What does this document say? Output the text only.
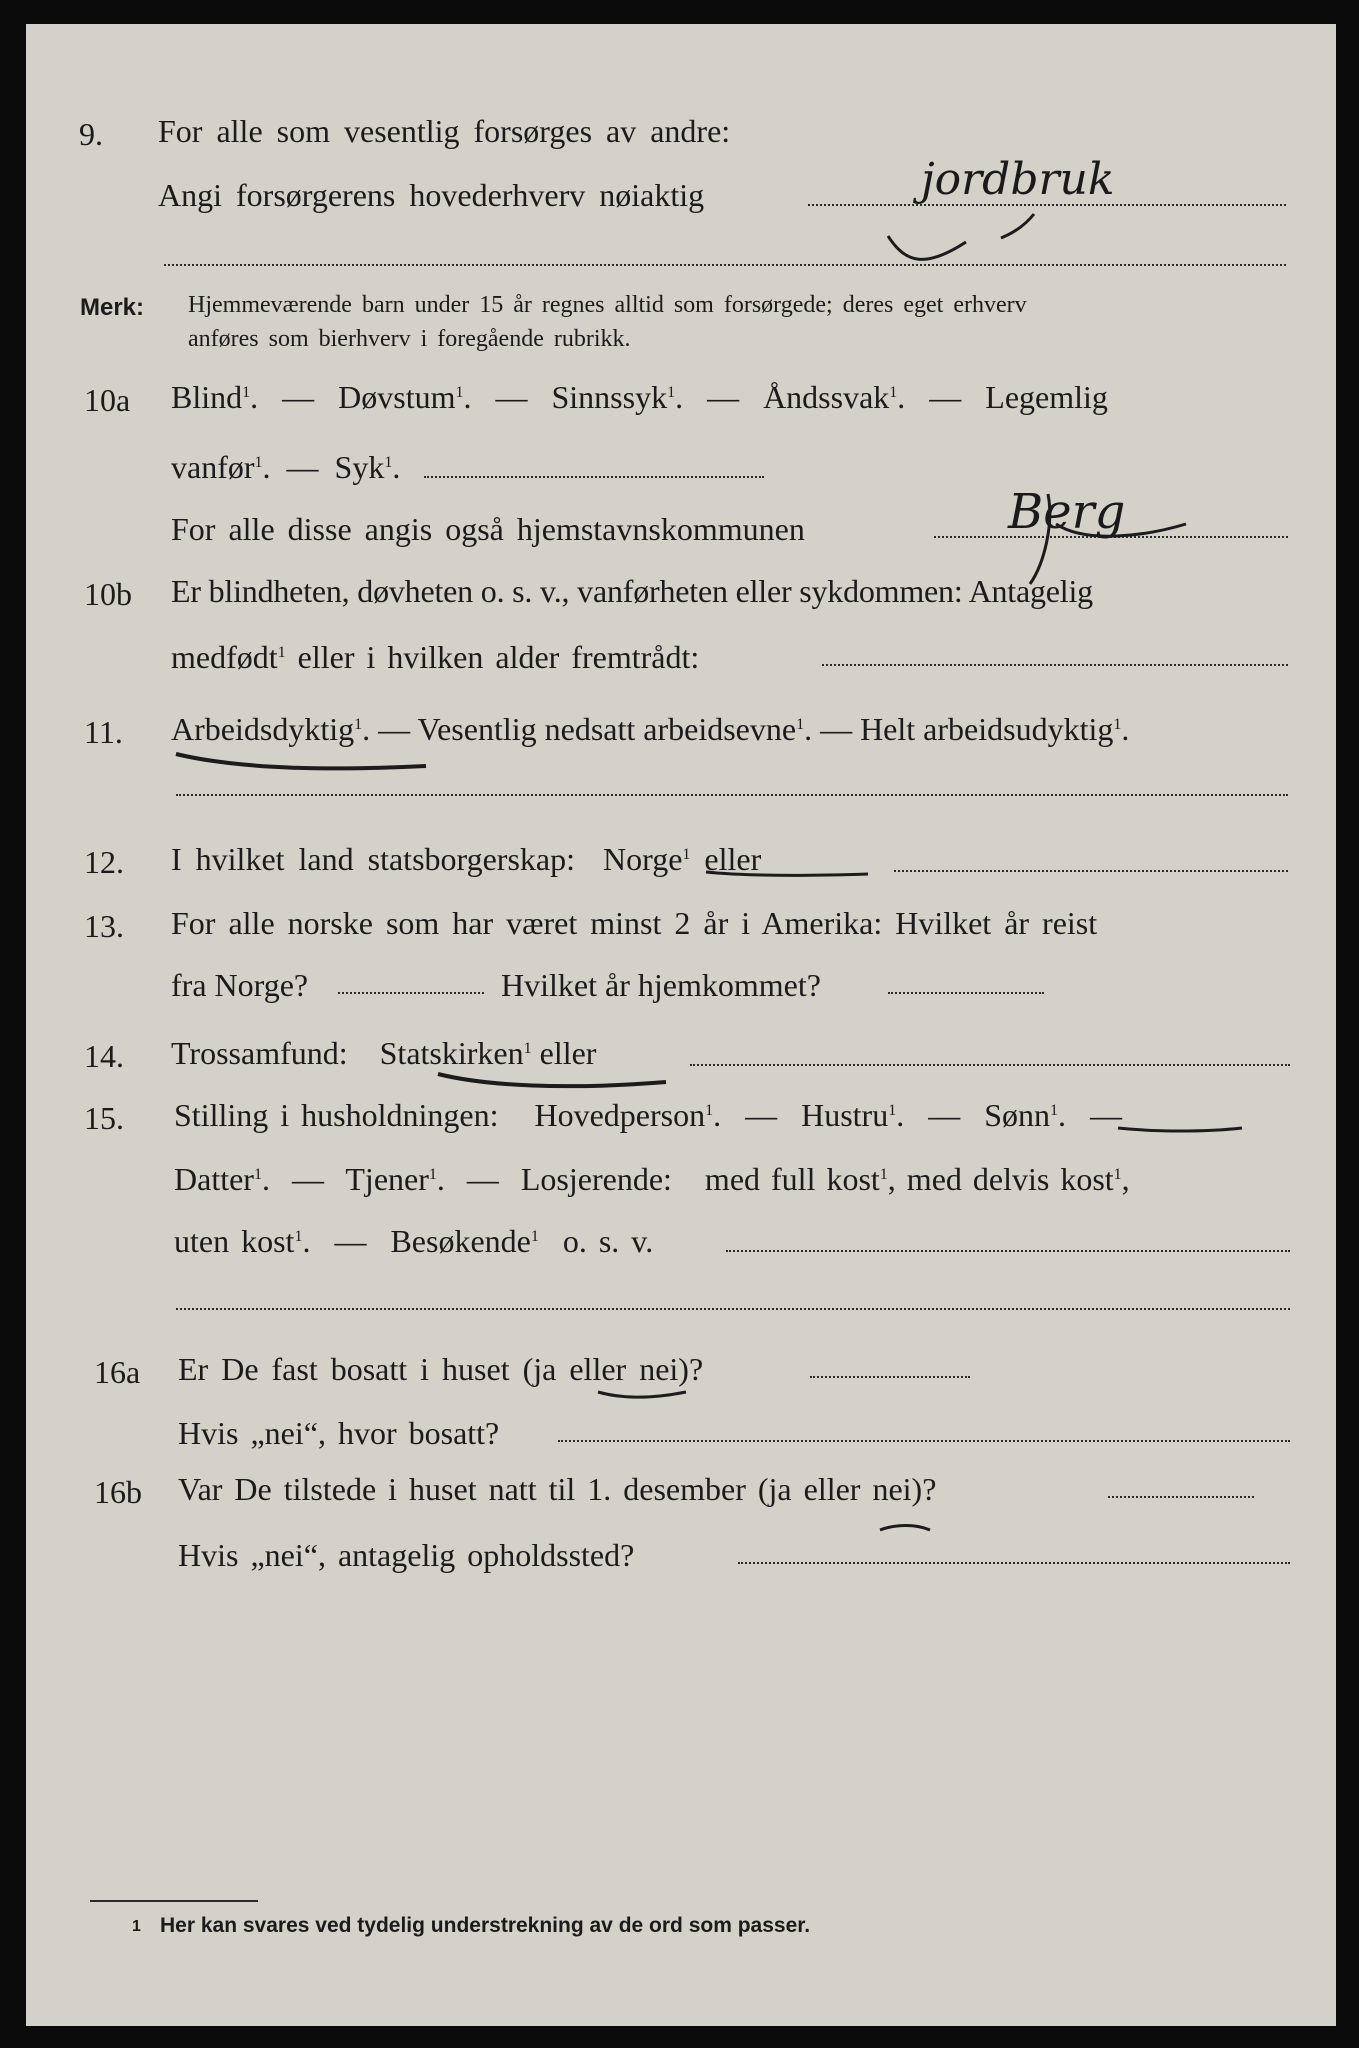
9. For alle som vesentlig forsørges av andre:
Angi forsørgerens hovederhverv nøiaktig	jordbruk
Merk: Hjemmeværende barn under 15 år regnes alltid som forsørgede; deres eget erhverv
anføres som bierhverv i foregående rubrikk.
10a Blind$^1$. — Døvstum$^1$. — Sinnssyk$^1$. — Åndssvak$^1$. — Legemlig
vanfør$^1$. — Syk$^1$.
For alle disse angis også hjemstavnskommunen	Berg
10b Er blindheten, døvheten o. s. v., vanførheten eller sykdommen: Antagelig
medfødt$^1$ eller i hvilken alder fremtrådt:
11. Arbeidsdyktig$^1$. — Vesentlig nedsatt arbeidsevne$^1$. — Helt arbeidsudyktig$^1$.
12. I hvilket land statsborgerskap: Norge$^1$ eller
13. For alle norske som har været minst 2 år i Amerika: Hvilket år reist
fra Norge?	Hvilket år hjemkommet?
14. Trossamfund: Statskirken$^1$ eller
15. Stilling i husholdningen: Hovedperson$^1$. — Hustru$^1$. — Sønn$^1$. —
Datter$^1$. — Tjener$^1$. — Losjerende: med full kost$^1$, med delvis kost$^1$,
uten kost$^1$. — Besøkende$^1$ o. s. v.
16a Er De fast bosatt i huset (ja eller nei)?
Hvis „nei“, hvor bosatt?
16b Var De tilstede i huset natt til 1. desember (ja eller nei)?
Hvis „nei“, antagelig opholdssted?
1 Her kan svares ved tydelig understrekning av de ord som passer.
